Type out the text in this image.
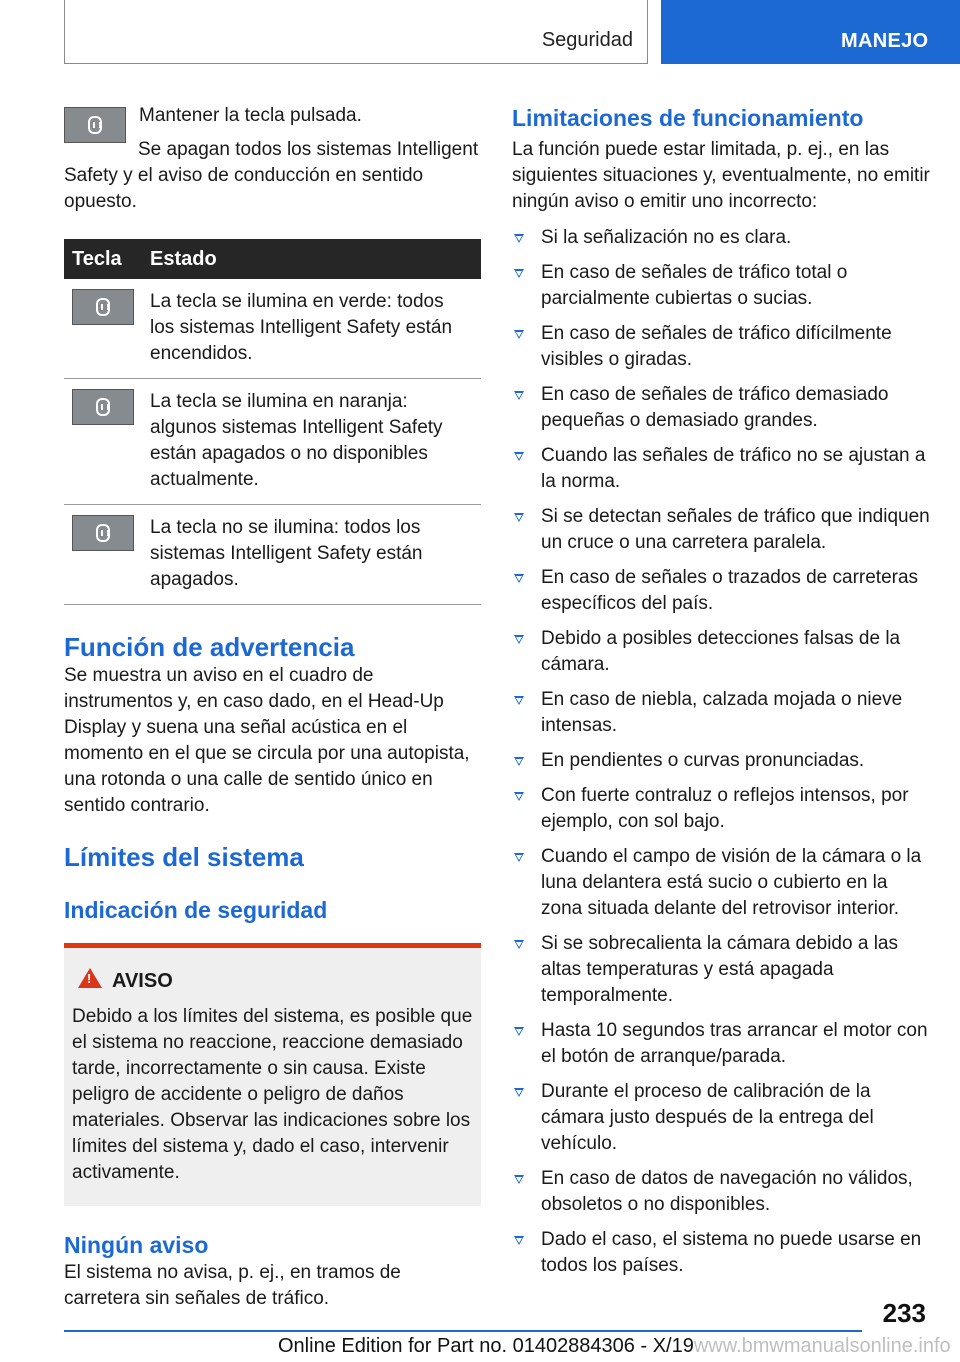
Seguridad	MANEJO

Mantener la tecla pulsada.

Se apagan todos los sistemas Intelligent Safety y el aviso de conducción en sentido opuesto.

Tecla	Estado

	La tecla se ilumina en verde: todos los sistemas Intelligent Safety están encendidos.

	La tecla se ilumina en naranja: algunos sistemas Intelligent Safety están apagados o no disponibles actualmente.

	La tecla no se ilumina: todos los sistemas Intelligent Safety están apagados.
Función de advertencia

Se muestra un aviso en el cuadro de instrumentos y, en caso dado, en el Head-Up Display y suena una señal acústica en el momento en el que se circula por una autopista, una rotonda o una calle de sentido único en sentido contrario.

Límites del sistema
Indicación de seguridad
!
AVISO

Debido a los límites del sistema, es posible que el sistema no reaccione, reaccione demasiado tarde, incorrectamente o sin causa. Existe peligro de accidente o peligro de daños materiales. Observar las indicaciones sobre los límites del sistema y, dado el caso, intervenir activamente.

Ningún aviso

El sistema no avisa, p. ej., en tramos de carretera sin señales de tráfico.

Limitaciones de funcionamiento

La función puede estar limitada, p. ej., en las siguientes situaciones y, eventualmente, no emitir ningún aviso o emitir uno incorrecto:

Si la señalización no es clara.
En caso de señales de tráfico total o parcialmente cubiertas o sucias.
En caso de señales de tráfico difícilmente visibles o giradas.
En caso de señales de tráfico demasiado pequeñas o demasiado grandes.
Cuando las señales de tráfico no se ajustan a la norma.
Si se detectan señales de tráfico que indiquen un cruce o una carretera paralela.
En caso de señales o trazados de carreteras específicos del país.
Debido a posibles detecciones falsas de la cámara.
En caso de niebla, calzada mojada o nieve intensas.
En pendientes o curvas pronunciadas.
Con fuerte contraluz o reflejos intensos, por ejemplo, con sol bajo.
Cuando el campo de visión de la cámara o la luna delantera está sucio o cubierto en la zona situada delante del retrovisor interior.
Si se sobrecalienta la cámara debido a las altas temperaturas y está apagada temporalmente.
Hasta 10 segundos tras arrancar el motor con el botón de arranque/parada.
Durante el proceso de calibración de la cámara justo después de la entrega del vehículo.
En caso de datos de navegación no válidos, obsoletos o no disponibles.
Dado el caso, el sistema no puede usarse en todos los países.
233
Online Edition for Part no. 01402884306 - X/19www.bmwmanualsonline.info
